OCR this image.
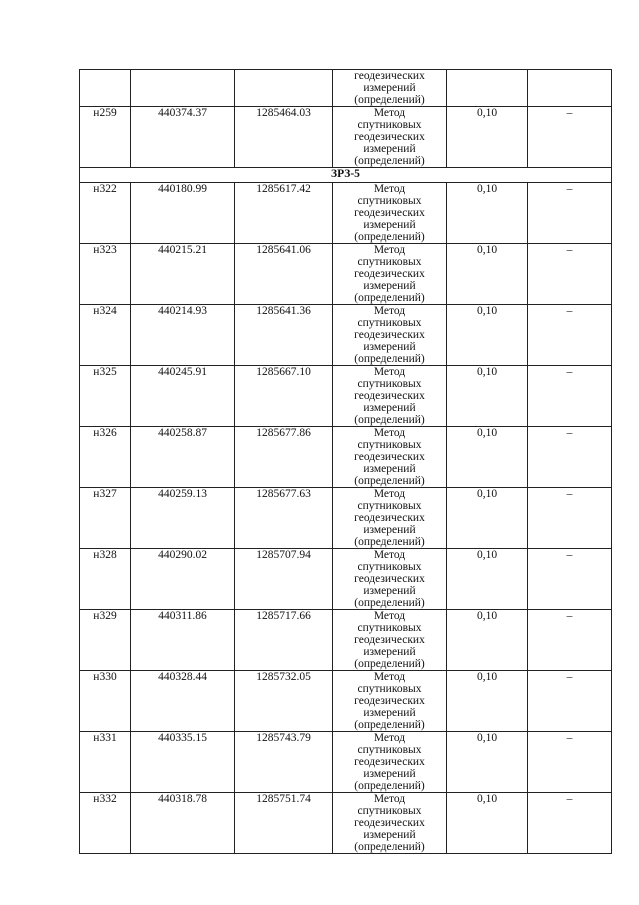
			геодезических
измерений
(определений)		

н259	440374.37	1285464.03	Метод
спутниковых
геодезических
измерений
(определений)	0,10	–
ЗРЗ-5					
н322	440180.99	1285617.42	Метод
спутниковых
геодезических
измерений
(определений)	0,10	–
н323	440215.21	1285641.06	Метод
спутниковых
геодезических
измерений
(определений)	0,10	–
н324	440214.93	1285641.36	Метод
спутниковых
геодезических
измерений
(определений)	0,10	–
н325	440245.91	1285667.10	Метод
спутниковых
геодезических
измерений
(определений)	0,10	–
н326	440258.87	1285677.86	Метод
спутниковых
геодезических
измерений
(определений)	0,10	–
н327	440259.13	1285677.63	Метод
спутниковых
геодезических
измерений
(определений)	0,10	–
н328	440290.02	1285707.94	Метод
спутниковых
геодезических
измерений
(определений)	0,10	–
н329	440311.86	1285717.66	Метод
спутниковых
геодезических
измерений
(определений)	0,10	–
н330	440328.44	1285732.05	Метод
спутниковых
геодезических
измерений
(определений)	0,10	–
н331	440335.15	1285743.79	Метод
спутниковых
геодезических
измерений
(определений)	0,10	–
н332	440318.78	1285751.74	Метод
спутниковых
геодезических
измерений
(определений)	0,10	–
